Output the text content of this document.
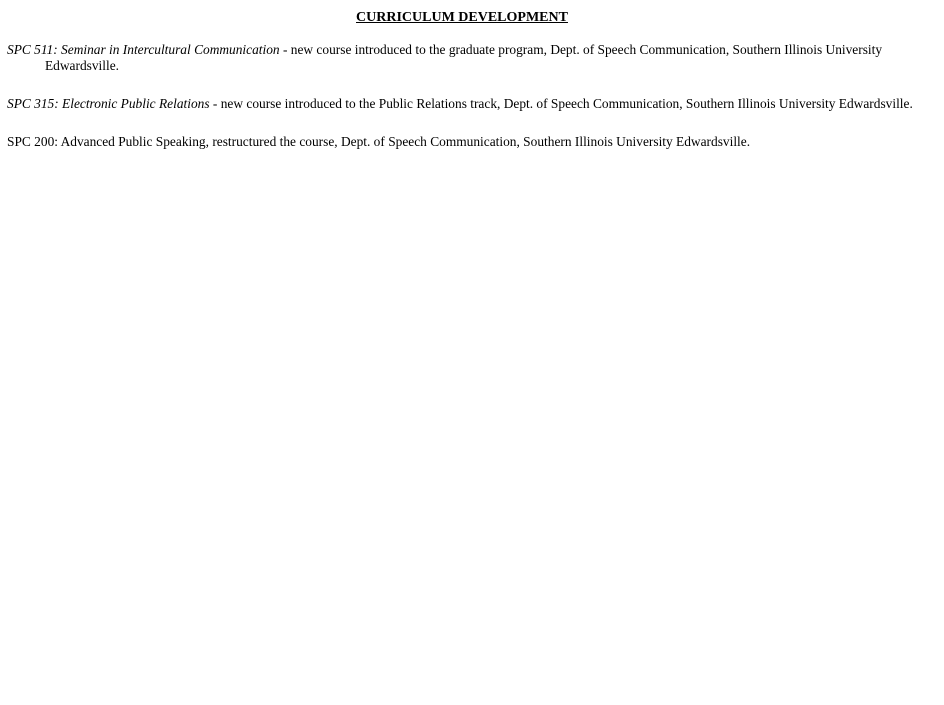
CURRICULUM DEVELOPMENT

SPC 511: Seminar in Intercultural Communication - new course introduced to the graduate program, Dept. of Speech Communication, Southern Illinois University Edwardsville.

SPC 315: Electronic Public Relations - new course introduced to the Public Relations track, Dept. of Speech Communication, Southern Illinois University Edwardsville.

SPC 200: Advanced Public Speaking, restructured the course, Dept. of Speech Communication, Southern Illinois University Edwardsville.
